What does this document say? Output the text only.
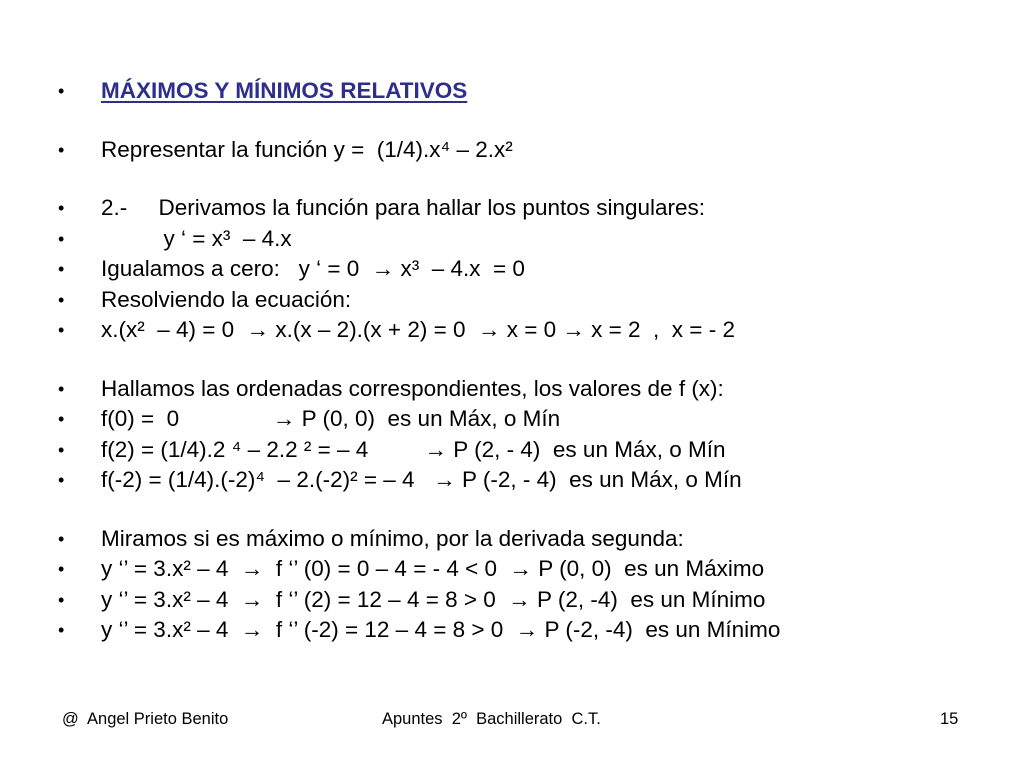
•

	MÁXIMOS Y MÍNIMOS RELATIVOS

•

	Representar la función y =  (1/4).x⁴ – 2.x²

•

	2.-     Derivamos la función para hallar los puntos singulares:

•

	y ‘ = x³  – 4.x

•

	Igualamos a cero:   y ‘ = 0  → x³  – 4.x  = 0

•

	Resolviendo la ecuación:

•

	x.(x²  – 4) = 0  → x.(x – 2).(x + 2) = 0  → x = 0 → x = 2  ,  x = - 2

•

	Hallamos las ordenadas correspondientes, los valores de f (x):

•

	f(0) =  0               → P (0, 0)  es un Máx, o Mín

•

	f(2) = (1/4).2 ⁴ – 2.2 ² = – 4         → P (2, - 4)  es un Máx, o Mín

•

	f(-2) = (1/4).(-2)⁴  – 2.(-2)² = – 4   → P (-2, - 4)  es un Máx, o Mín

•

	Miramos si es máximo o mínimo, por la derivada segunda:

•

	y ‘’ = 3.x² – 4  →  f ‘’ (0) = 0 – 4 = - 4 < 0  → P (0, 0)  es un Máximo

•

	y ‘’ = 3.x² – 4  →  f ‘’ (2) = 12 – 4 = 8 > 0  → P (2, -4)  es un Mínimo

•

	y ‘’ = 3.x² – 4  →  f ‘’ (-2) = 12 – 4 = 8 > 0  → P (-2, -4)  es un Mínimo

@  Angel Prieto Benito	Apuntes  2º  Bachillerato  C.T.	15
